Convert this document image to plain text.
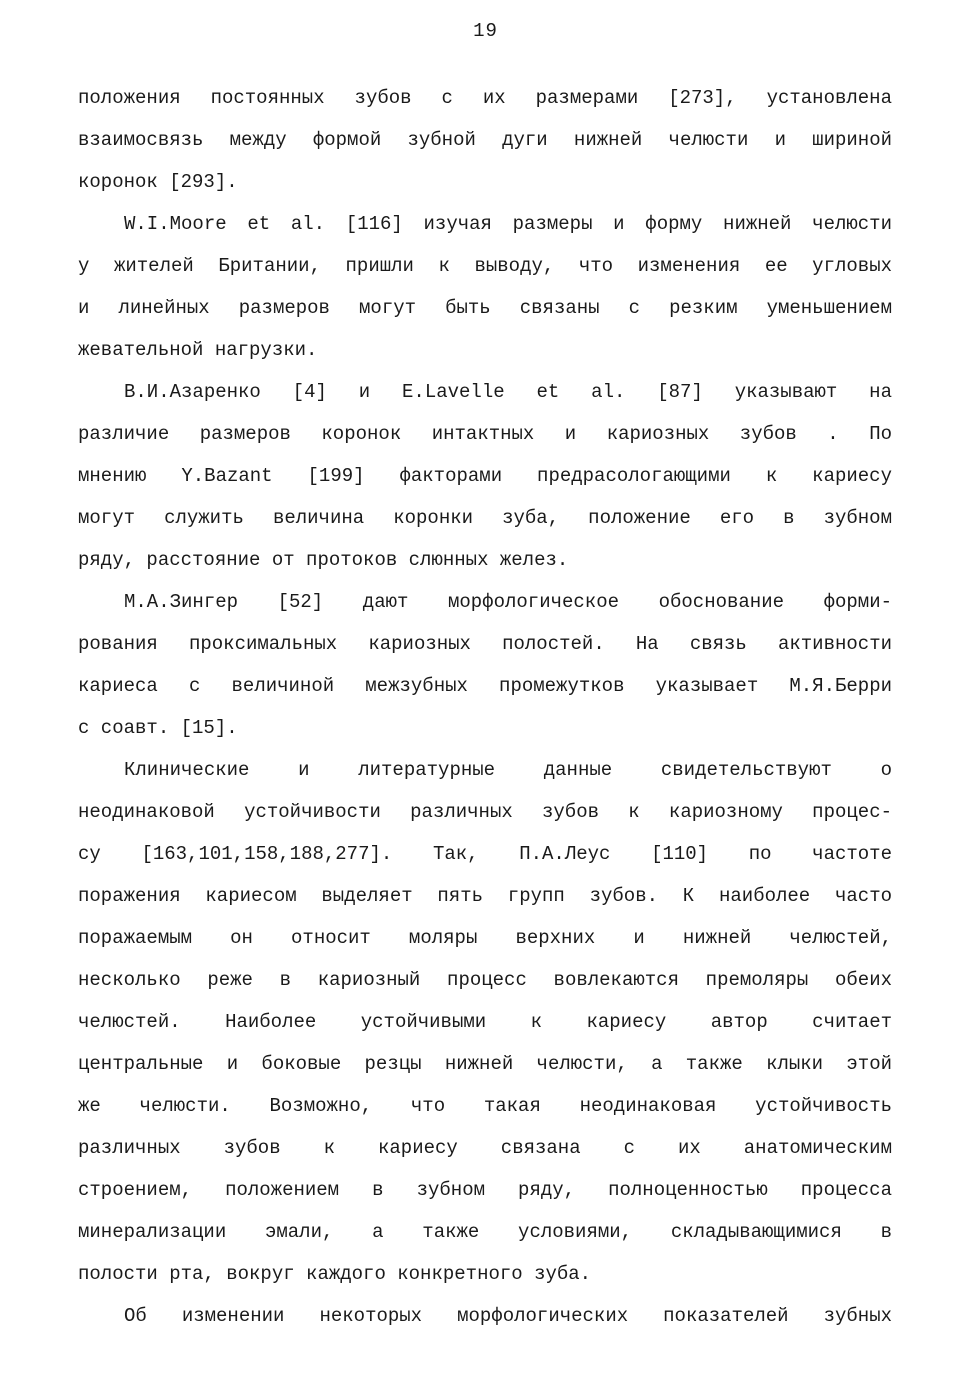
19
положения постоянных зубов с их размерами [273], установлена
взаимосвязь между формой зубной дуги нижней челюсти и шириной
коронок [293].
W.I.Moore et al. [116] изучая размеры и форму нижней челюсти
у жителей Британии, пришли к выводу, что изменения ее угловых
и линейных размеров могут быть связаны с резким уменьшением
жевательной нагрузки.
В.И.Азаренко [4] и E.Lavelle et al. [87] указывают на
различие размеров коронок интактных и кариозных зубов . По
мнению Y.Bazant [199] факторами предрасологающими к кариесу
могут служить величина коронки зуба, положение его в зубном
ряду, расстояние от протоков слюнных желез.
М.А.Зингер [52] дают морфологическое обоснование форми-
рования проксимальных кариозных полостей. На связь активности
кариеса с величиной межзубных промежутков указывает М.Я.Берри
с соавт. [15].
Клинические и литературные данные свидетельствуют о
неодинаковой устойчивости различных зубов к кариозному процес-
су [163,101,158,188,277]. Так, П.А.Леус [110] по частоте
поражения кариесом выделяет пять групп зубов. К наиболее часто
поражаемым он относит моляры верхних и нижней челюстей,
несколько реже в кариозный процесс вовлекаются премоляры обеих
челюстей. Наиболее устойчивыми к кариесу автор считает
центральные и боковые резцы нижней челюсти, а также клыки этой
же челюсти. Возможно, что такая неодинаковая устойчивость
различных зубов к кариесу связана с их анатомическим
строением, положением в зубном ряду, полноценностью процесса
минерализации эмали, а также условиями, складывающимися в
полости рта, вокруг каждого конкретного зуба.
Об изменении некоторых морфологических показателей зубных
